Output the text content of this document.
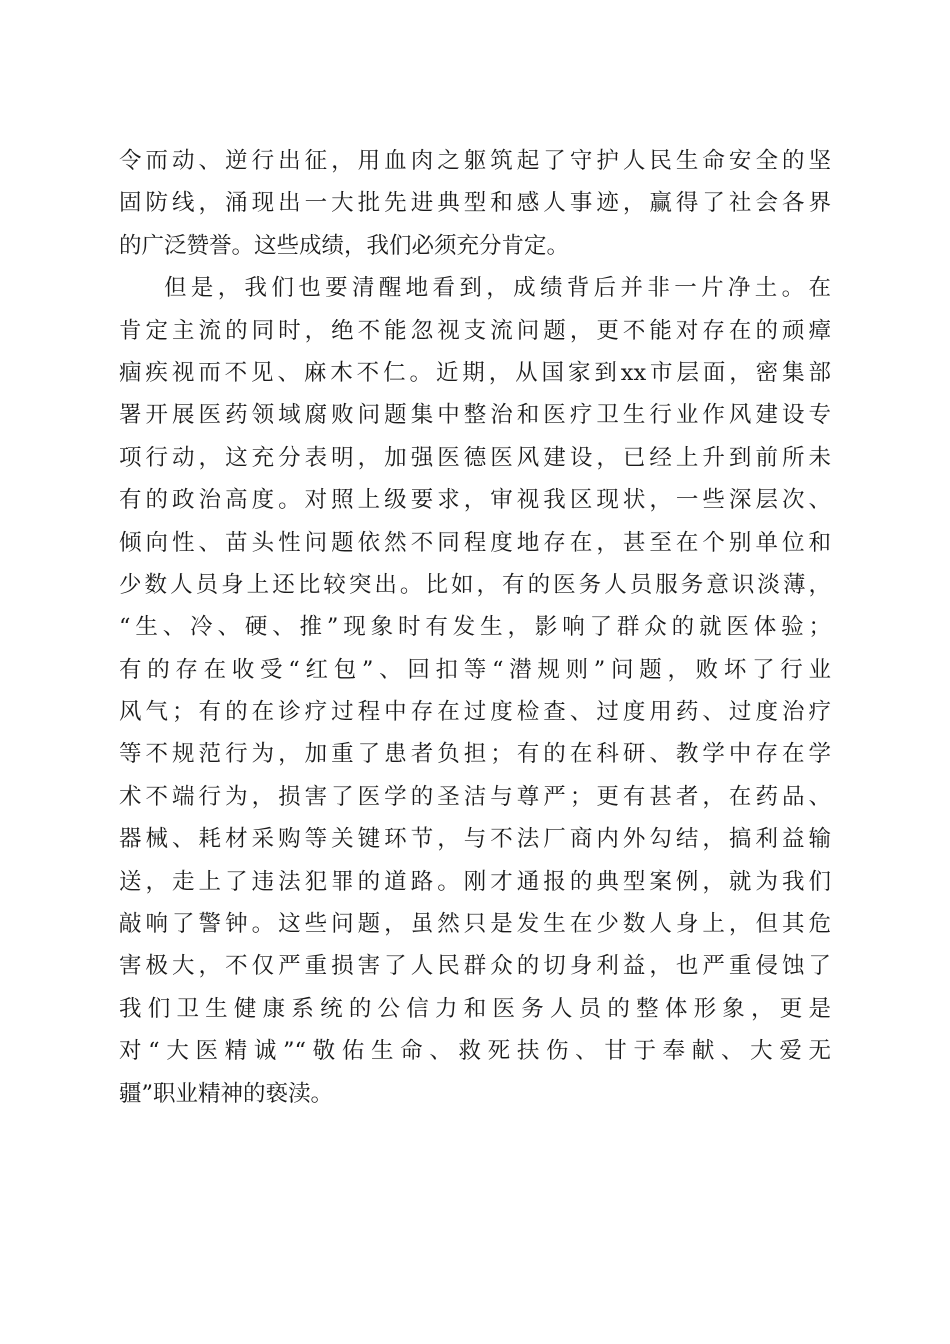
令而动、逆行出征，用血肉之躯筑起了守护人民生命安全的坚
固防线，涌现出一大批先进典型和感人事迹，赢得了社会各界
的广泛赞誉。这些成绩，我们必须充分肯定。
但是，我们也要清醒地看到，成绩背后并非一片净土。在
肯定主流的同时，绝不能忽视支流问题，更不能对存在的顽瘴
痼疾视而不见、麻木不仁。近期，从国家到xx市层面，密集部
署开展医药领域腐败问题集中整治和医疗卫生行业作风建设专
项行动，这充分表明，加强医德医风建设，已经上升到前所未
有的政治高度。对照上级要求，审视我区现状，一些深层次、
倾向性、苗头性问题依然不同程度地存在，甚至在个别单位和
少数人员身上还比较突出。比如，有的医务人员服务意识淡薄，
“生、冷、硬、推”现象时有发生，影响了群众的就医体验；
有的存在收受“红包”、回扣等“潜规则”问题，败坏了行业
风气；有的在诊疗过程中存在过度检查、过度用药、过度治疗
等不规范行为，加重了患者负担；有的在科研、教学中存在学
术不端行为，损害了医学的圣洁与尊严；更有甚者，在药品、
器械、耗材采购等关键环节，与不法厂商内外勾结，搞利益输
送，走上了违法犯罪的道路。刚才通报的典型案例，就为我们
敲响了警钟。这些问题，虽然只是发生在少数人身上，但其危
害极大，不仅严重损害了人民群众的切身利益，也严重侵蚀了
我们卫生健康系统的公信力和医务人员的整体形象，更是
对“大医精诚”“敬佑生命、救死扶伤、甘于奉献、大爱无
疆”职业精神的亵渎。
